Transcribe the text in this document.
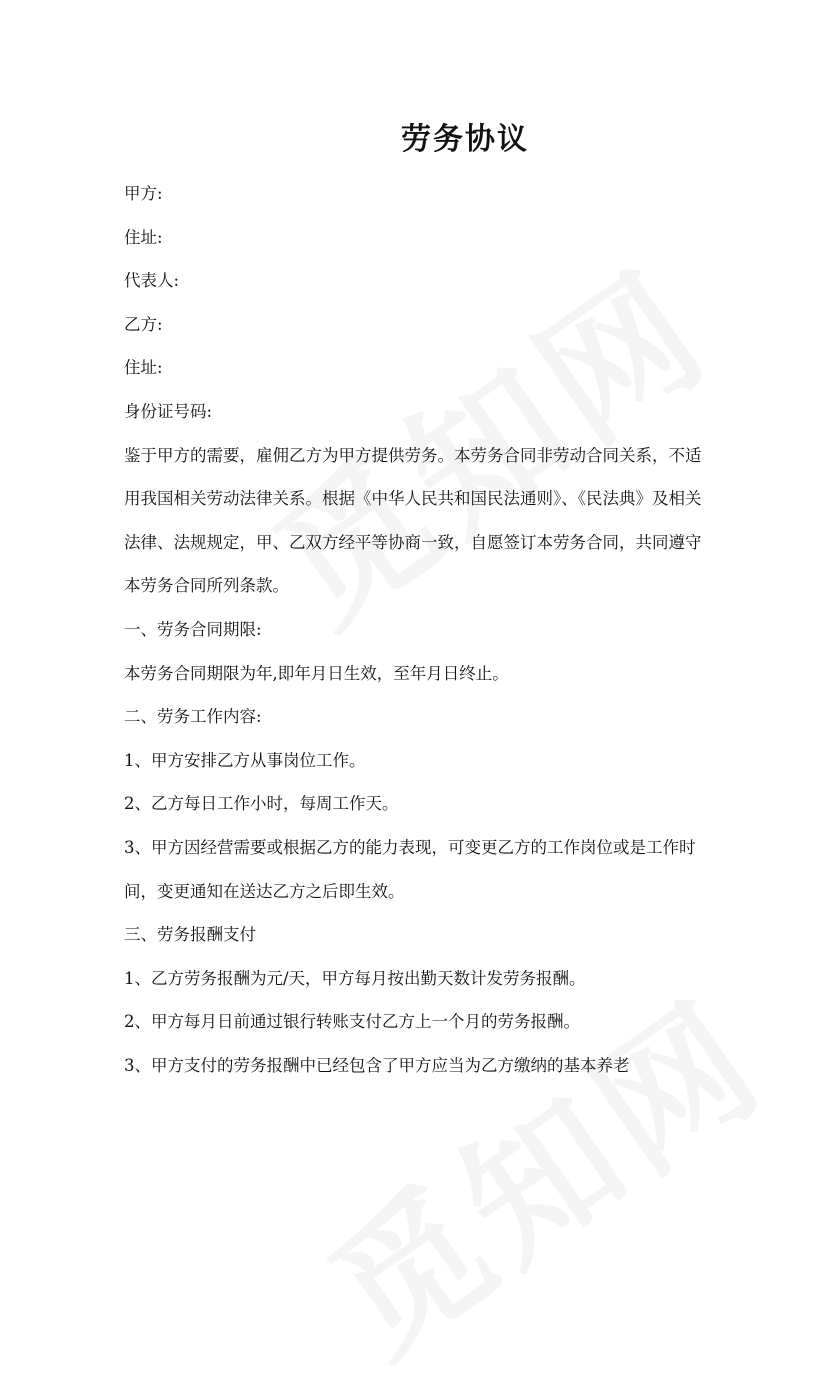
劳务协议

甲方:

住址:

代表人:

乙方:

住址:

身份证号码:

鉴于甲方的需要，雇佣乙方为甲方提供劳务。本劳务合同非劳动合同关系，不适

用我国相关劳动法律关系。根据《中华人民共和国民法通则》、《民法典》及相关

法律、法规规定，甲、乙双方经平等协商一致，自愿签订本劳务合同，共同遵守

本劳务合同所列条款。

一、劳务合同期限:

本劳务合同期限为年,即年月日生效，至年月日终止。

二、劳务工作内容:

1、甲方安排乙方从事岗位工作。

2、乙方每日工作小时，每周工作天。

3、甲方因经营需要或根据乙方的能力表现，可变更乙方的工作岗位或是工作时

间，变更通知在送达乙方之后即生效。

三、劳务报酬支付

1、乙方劳务报酬为元/天，甲方每月按出勤天数计发劳务报酬。

2、甲方每月日前通过银行转账支付乙方上一个月的劳务报酬。

3、甲方支付的劳务报酬中已经包含了甲方应当为乙方缴纳的基本养老
